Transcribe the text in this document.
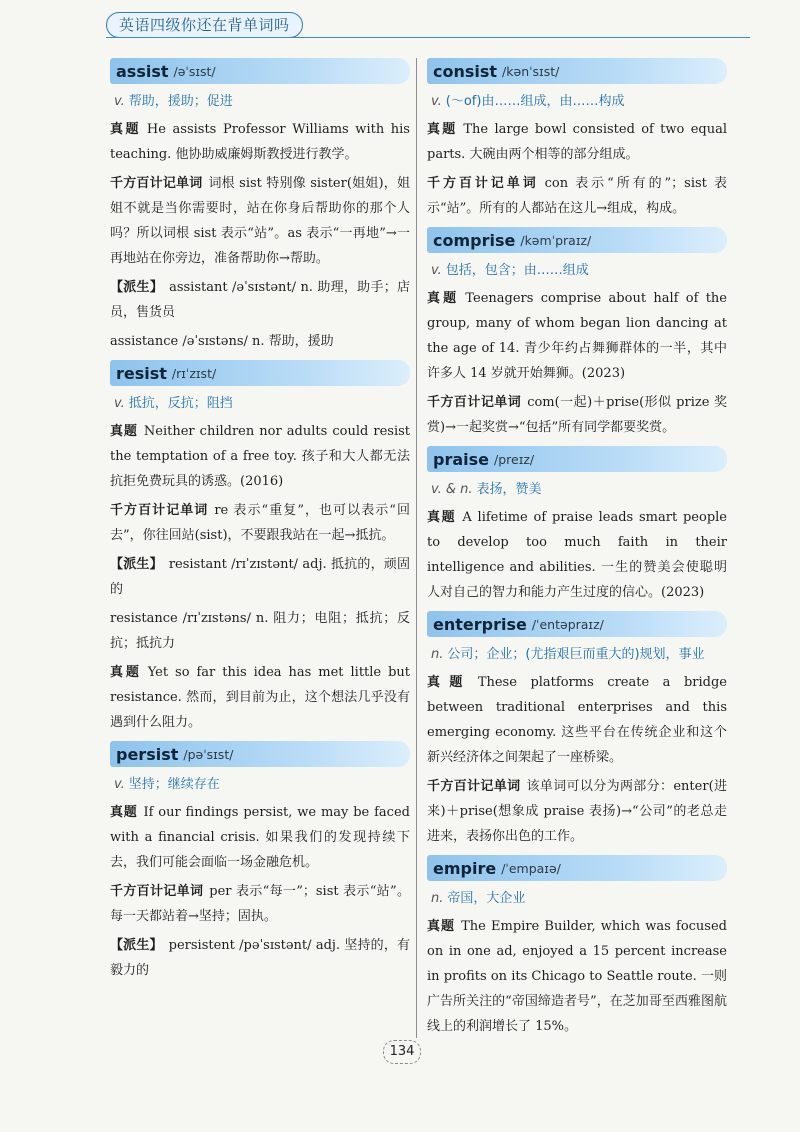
英语四级你还在背单词吗
assist /əˈsɪst/
v. 帮助，援助；促进

真题 He assists Professor Williams with his teaching. 他协助威廉姆斯教授进行教学。

千方百计记单词 词根 sist 特别像 sister(姐姐)，姐姐不就是当你需要时，站在你身后帮助你的那个人吗？所以词根 sist 表示“站”。as 表示“一再地”→一再地站在你旁边，准备帮助你→帮助。

【派生】 assistant /əˈsɪstənt/ n. 助理，助手；店员，售货员

assistance /əˈsɪstəns/ n. 帮助，援助

resist /rɪˈzɪst/
v. 抵抗，反抗；阻挡

真题 Neither children nor adults could resist the temptation of a free toy. 孩子和大人都无法抗拒免费玩具的诱惑。(2016)

千方百计记单词 re 表示“重复”，也可以表示“回去”，你往回站(sist)，不要跟我站在一起→抵抗。

【派生】 resistant /rɪˈzɪstənt/ adj. 抵抗的，顽固的

resistance /rɪˈzɪstəns/ n. 阻力；电阻；抵抗；反抗；抵抗力

真题 Yet so far this idea has met little but resistance. 然而，到目前为止，这个想法几乎没有遇到什么阻力。

persist /pəˈsɪst/
v. 坚持；继续存在

真题 If our findings persist, we may be faced with a financial crisis. 如果我们的发现持续下去，我们可能会面临一场金融危机。

千方百计记单词 per 表示“每一”；sist 表示“站”。每一天都站着→坚持；固执。

【派生】 persistent /pəˈsɪstənt/ adj. 坚持的，有毅力的

consist /kənˈsɪst/
v. (～of)由……组成，由……构成

真题 The large bowl consisted of two equal parts. 大碗由两个相等的部分组成。

千方百计记单词 con 表示“所有的”；sist 表示“站”。所有的人都站在这儿→组成，构成。

comprise /kəmˈpraɪz/
v. 包括，包含；由……组成

真题 Teenagers comprise about half of the group, many of whom began lion dancing at the age of 14. 青少年约占舞狮群体的一半，其中许多人 14 岁就开始舞狮。(2023)

千方百计记单词 com(一起)＋prise(形似 prize 奖赏)→一起奖赏→“包括”所有同学都要奖赏。

praise /preɪz/
v. & n. 表扬，赞美

真题 A lifetime of praise leads smart people to develop too much faith in their intelligence and abilities. 一生的赞美会使聪明人对自己的智力和能力产生过度的信心。(2023)

enterprise /ˈentəpraɪz/
n. 公司；企业；(尤指艰巨而重大的)规划，事业

真题 These platforms create a bridge between traditional enterprises and this emerging economy. 这些平台在传统企业和这个新兴经济体之间架起了一座桥梁。

千方百计记单词 该单词可以分为两部分：enter(进来)＋prise(想象成 praise 表扬)→“公司”的老总走进来，表扬你出色的工作。

empire /ˈempaɪə/
n. 帝国，大企业

真题 The Empire Builder, which was focused on in one ad, enjoyed a 15 percent increase in profits on its Chicago to Seattle route. 一则广告所关注的“帝国缔造者号”，在芝加哥至西雅图航线上的利润增长了 15%。

134
